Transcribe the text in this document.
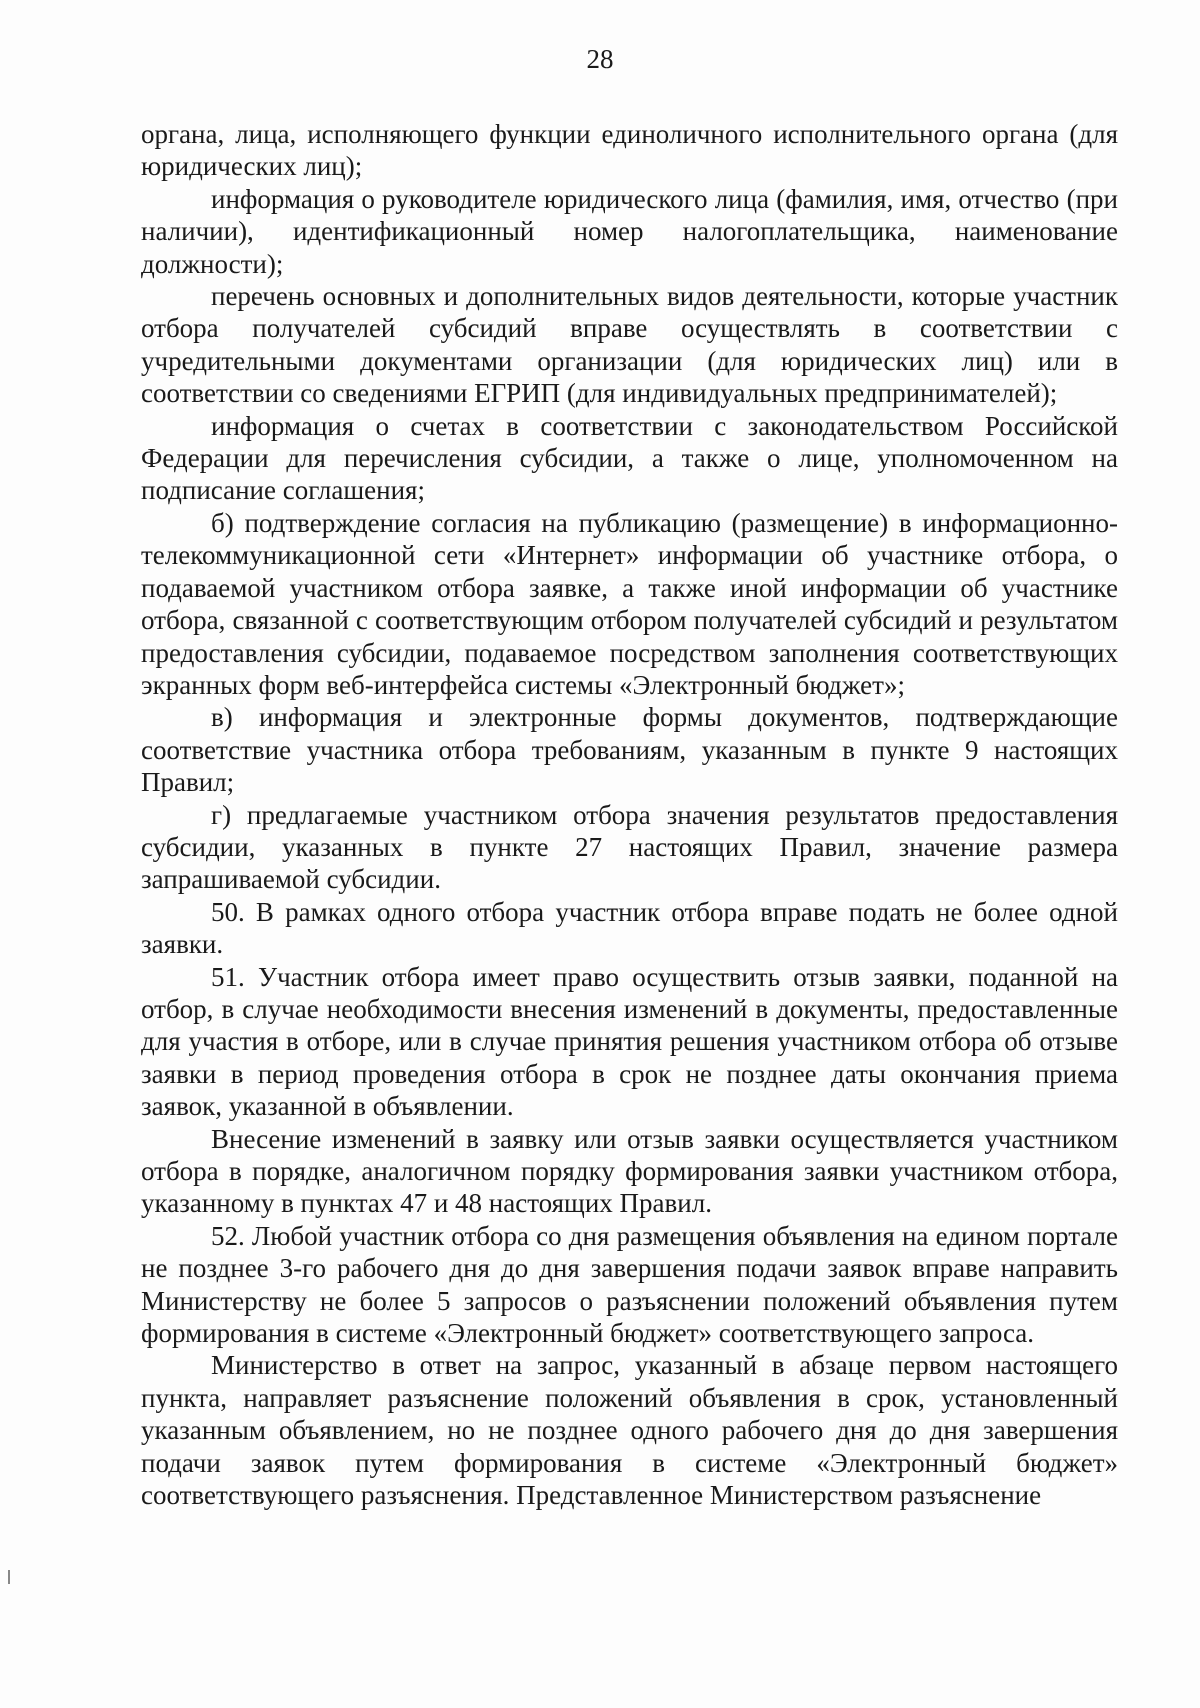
28

органа, лица, исполняющего функции единоличного исполнительного органа (для юридических лиц);

информация о руководителе юридического лица (фамилия, имя, отчество (при наличии), идентификационный номер налогоплательщика, наименование должности);

перечень основных и дополнительных видов деятельности, которые участник отбора получателей субсидий вправе осуществлять в соответствии с учредительными документами организации (для юридических лиц) или в соответствии со сведениями ЕГРИП (для индивидуальных предпринимателей);

информация о счетах в соответствии с законодательством Российской Федерации для перечисления субсидии, а также о лице, уполномоченном на подписание соглашения;

б) подтверждение согласия на публикацию (размещение) в информационно-телекоммуникационной сети «Интернет» информации об участнике отбора, о подаваемой участником отбора заявке, а также иной информации об участнике отбора, связанной с соответствующим отбором получателей субсидий и результатом предоставления субсидии, подаваемое посредством заполнения соответствующих экранных форм веб-интерфейса системы «Электронный бюджет»;

в) информация и электронные формы документов, подтверждающие соответствие участника отбора требованиям, указанным в пункте 9 настоящих Правил;

г) предлагаемые участником отбора значения результатов предоставления субсидии, указанных в пункте 27 настоящих Правил, значение размера запрашиваемой субсидии.

50. В рамках одного отбора участник отбора вправе подать не более одной заявки.

51. Участник отбора имеет право осуществить отзыв заявки, поданной на отбор, в случае необходимости внесения изменений в документы, предоставленные для участия в отборе, или в случае принятия решения участником отбора об отзыве заявки в период проведения отбора в срок не позднее даты окончания приема заявок, указанной в объявлении.

Внесение изменений в заявку или отзыв заявки осуществляется участником отбора в порядке, аналогичном порядку формирования заявки участником отбора, указанному в пунктах 47 и 48 настоящих Правил.

52. Любой участник отбора со дня размещения объявления на едином портале не позднее 3-го рабочего дня до дня завершения подачи заявок вправе направить Министерству не более 5 запросов о разъяснении положений объявления путем формирования в системе «Электронный бюджет» соответствующего запроса.

Министерство в ответ на запрос, указанный в абзаце первом настоящего пункта, направляет разъяснение положений объявления в срок, установленный указанным объявлением, но не позднее одного рабочего дня до дня завершения подачи заявок путем формирования в системе «Электронный бюджет» соответствующего разъяснения. Представленное Министерством разъяснение
